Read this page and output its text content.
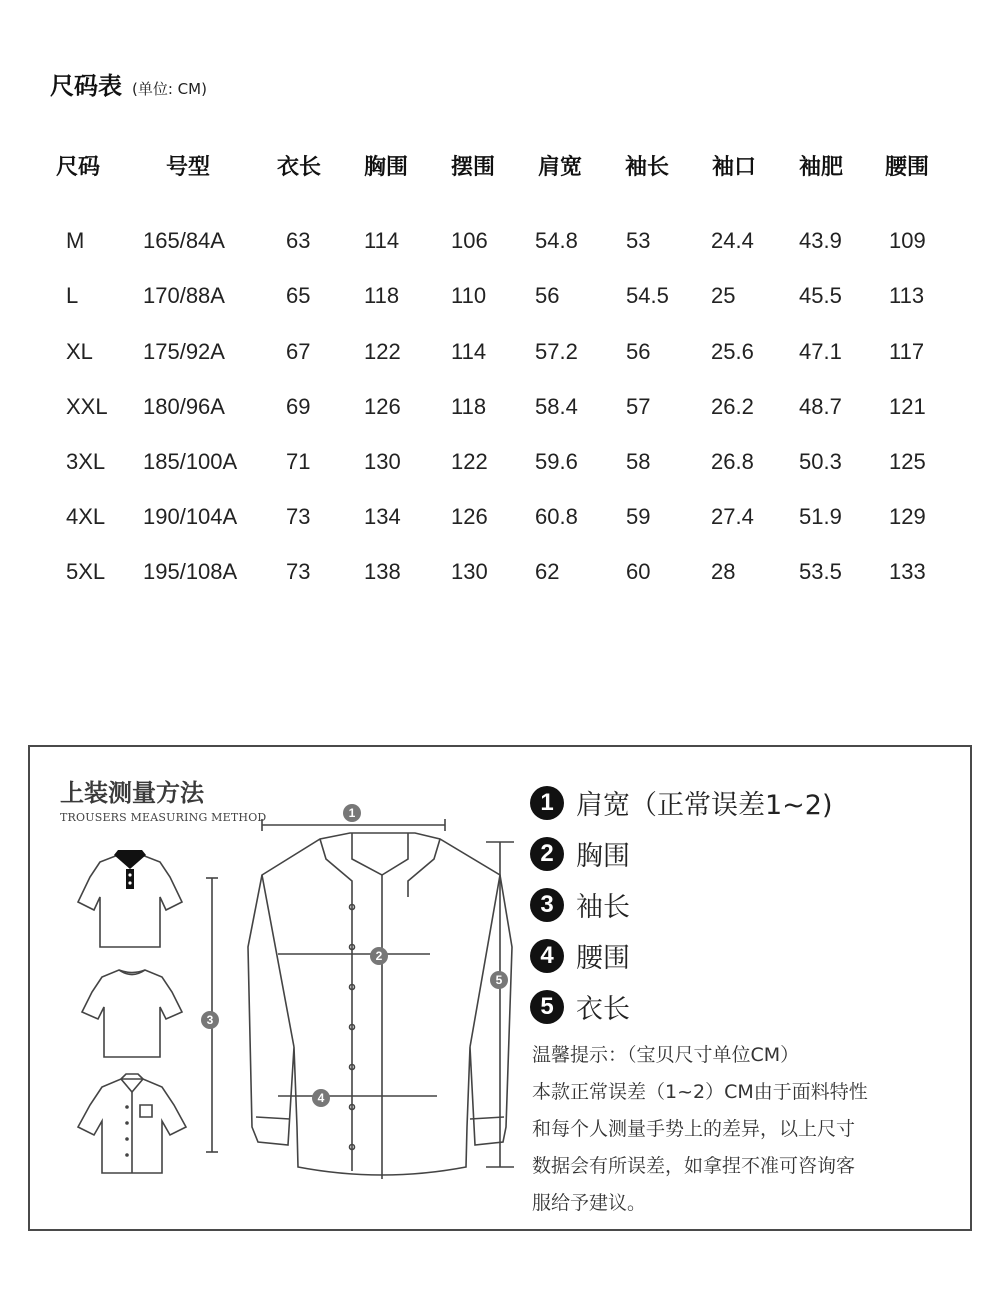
尺码表 (单位: CM)
尺码	号型	衣长 胸围 摆围 肩宽 袖长 袖口 袖肥 腰围
M	165/84A	63 114 106 54.8 53	24.4 43.9 109
L	170/88A	65 118 110 56	54.5 25	45.5 113
XL 175/92A	67 122 114 57.2 56	25.6 47.1 117
XXL 180/96A	69 126 118 58.4 57	26.2 48.7 121
3XL 185/100A 71 130 122 59.6 58	26.8 50.3 125
4XL 190/104A 73 134 126 60.8 59	27.4 51.9 129
5XL 195/108A 73 138 130 62	60	28	53.5 133
上装测量方法
TROUSERS MEASURING METHOD	1
2
3
4
5
1 肩宽（正常误差1~2)
2 胸围
3 袖长
4 腰围
5 衣长
温馨提示：（宝贝尺寸单位CM）
本款正常误差（1~2）CM由于面料特性
和每个人测量手势上的差异，以上尺寸
数据会有所误差，如拿捏不准可咨询客
服给予建议。
